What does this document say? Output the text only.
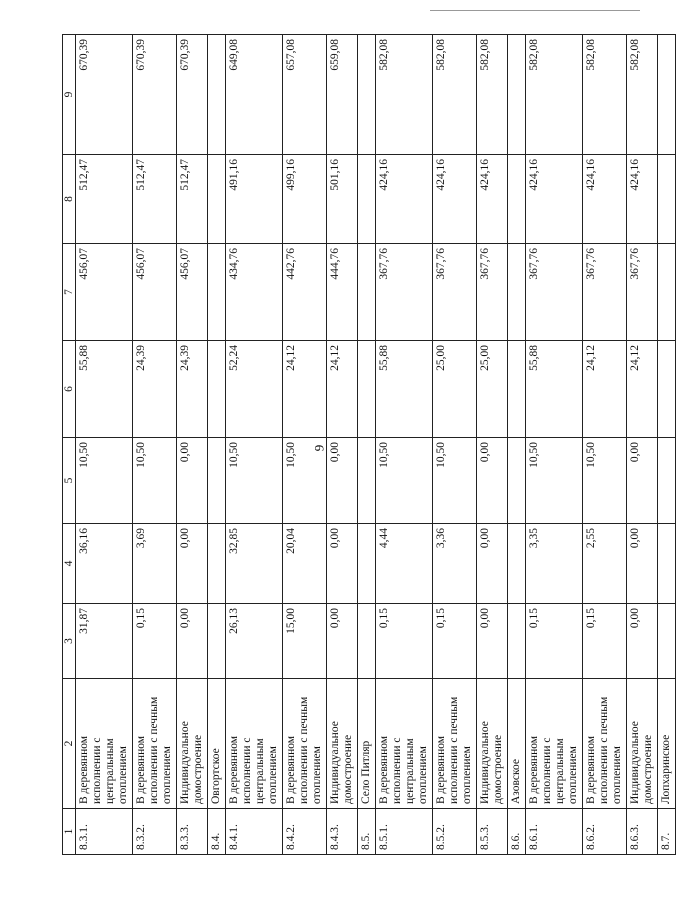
9
1	2	3	4	5	6	7	8	9
8.3.1.	В деревянном исполнении с центральным отоплением	31,87	36,16	10,50	55,88	456,07	512,47	670,39
8.3.2.	В деревянном исполнении с печным отоплением	0,15	3,69	10,50	24,39	456,07	512,47	670,39
8.3.3.	Индивидуальное домостроение	0,00	0,00	0,00	24,39	456,07	512,47	670,39
8.4.	Овгортское							
8.4.1.	В деревянном исполнении с центральным отоплением	26,13	32,85	10,50	52,24	434,76	491,16	649,08
8.4.2.	В деревянном исполнении с печным отоплением	15,00	20,04	10,50	24,12	442,76	499,16	657,08
8.4.3.	Индивидуальное домостроение	0,00	0,00	0,00	24,12	444,76	501,16	659,08
8.5.	Село Питляр							
8.5.1.	В деревянном исполнении с центральным отоплением	0,15	4,44	10,50	55,88	367,76	424,16	582,08
8.5.2.	В деревянном исполнении с печным отоплением	0,15	3,36	10,50	25,00	367,76	424,16	582,08
8.5.3.	Индивидуальное домостроение	0,00	0,00	0,00	25,00	367,76	424,16	582,08
8.6.	Азовское							
8.6.1.	В деревянном исполнении с центральным отоплением	0,15	3,35	10,50	55,88	367,76	424,16	582,08
8.6.2.	В деревянном исполнении с печным отоплением	0,15	2,55	10,50	24,12	367,76	424,16	582,08
8.6.3.	Индивидуальное домостроение	0,00	0,00	0,00	24,12	367,76	424,16	582,08
8.7.	Лопхаринское							
